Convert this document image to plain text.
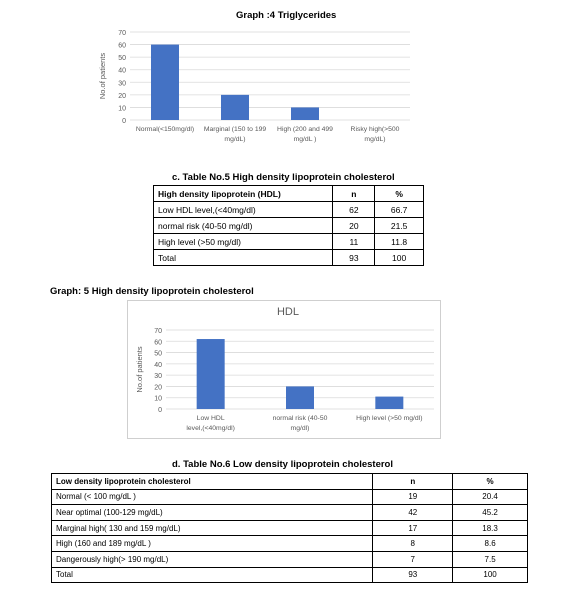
Graph :4 Triglycerides
0
10
20
30
40
50
60
70
No.of patients
Normal(<150mg/dl) Marginal (150 to 199
mg/dL)
High (200 and 499
mg/dL )
Risky high(>500
mg/dL)
c. Table No.5 High density lipoprotein cholesterol
High density lipoprotein (HDL)	n	%
Low HDL level,(<40mg/dl)	62	66.7
normal risk (40-50 mg/dl)	20	21.5
High level (>50 mg/dl)	11	11.8
Total	93	100
Graph: 5 High density lipoprotein cholesterol
HDL
0
10
20
30
40
50
60
70
No.of patients
Low HDL
level,(<40mg/dl)
normal risk (40-50
mg/dl)
High level (>50 mg/dl)
d. Table No.6 Low density lipoprotein cholesterol
Low density lipoprotein cholesterol	n	%
Normal (< 100 mg/dL )	19	20.4
Near optimal (100-129 mg/dL)	42	45.2
Marginal high( 130 and 159 mg/dL)	17	18.3
High (160 and 189 mg/dL )	8	8.6
Dangerously high(> 190 mg/dL)	7	7.5
Total	93	100
